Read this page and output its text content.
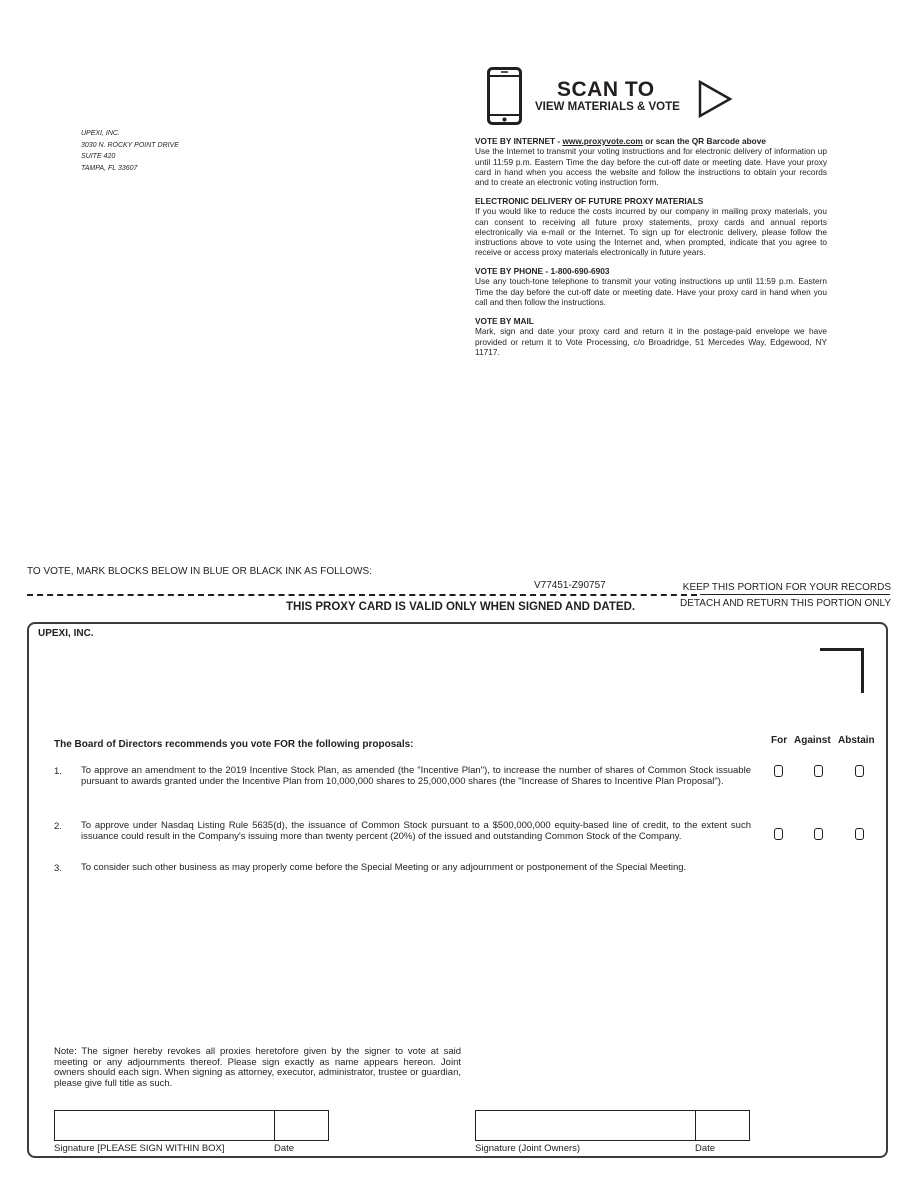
UPEXI, INC.
3030 N. ROCKY POINT DRIVE
SUITE 420
TAMPA, FL 33607
SCAN TO
VIEW MATERIALS & VOTE
VOTE BY INTERNET - www.proxyvote.com or scan the QR Barcode above

Use the Internet to transmit your voting instructions and for electronic delivery of information up until 11:59 p.m. Eastern Time the day before the cut-off date or meeting date. Have your proxy card in hand when you access the website and follow the instructions to obtain your records and to create an electronic voting instruction form.

ELECTRONIC DELIVERY OF FUTURE PROXY MATERIALS

If you would like to reduce the costs incurred by our company in mailing proxy materials, you can consent to receiving all future proxy statements, proxy cards and annual reports electronically via e-mail or the Internet. To sign up for electronic delivery, please follow the instructions above to vote using the Internet and, when prompted, indicate that you agree to receive or access proxy materials electronically in future years.

VOTE BY PHONE - 1-800-690-6903

Use any touch-tone telephone to transmit your voting instructions up until 11:59 p.m. Eastern Time the day before the cut-off date or meeting date. Have your proxy card in hand when you call and then follow the instructions.

VOTE BY MAIL

Mark, sign and date your proxy card and return it in the postage-paid envelope we have provided or return it to Vote Processing, c/o Broadridge, 51 Mercedes Way, Edgewood, NY 11717.

TO VOTE, MARK BLOCKS BELOW IN BLUE OR BLACK INK AS FOLLOWS:
V77451-Z90757	KEEP THIS PORTION FOR YOUR RECORDS
DETACH AND RETURN THIS PORTION ONLY
THIS PROXY CARD IS VALID ONLY WHEN SIGNED AND DATED.
UPEXI, INC.
The Board of Directors recommends you vote FOR the following proposals:	For Against Abstain
1. To approve an amendment to the 2019 Incentive Stock Plan, as amended (the "Incentive Plan"), to increase the number of shares of Common Stock issuable pursuant to awards granted under the Incentive Plan from 10,000,000 shares to 25,000,000 shares (the "Increase of Shares to Incentive Plan Proposal").
2. To approve under Nasdaq Listing Rule 5635(d), the issuance of Common Stock pursuant to a $500,000,000 equity-based line of credit, to the extent such issuance could result in the Company's issuing more than twenty percent (20%) of the issued and outstanding Common Stock of the Company.
3. To consider such other business as may properly come before the Special Meeting or any adjournment or postponement of the Special Meeting.
Note: The signer hereby revokes all proxies heretofore given by the signer to vote at said meeting or any adjournments thereof. Please sign exactly as name appears hereon. Joint owners should each sign. When signing as attorney, executor, administrator, trustee or guardian, please give full title as such.
Signature [PLEASE SIGN WITHIN BOX]	Date	Signature (Joint Owners)	Date
